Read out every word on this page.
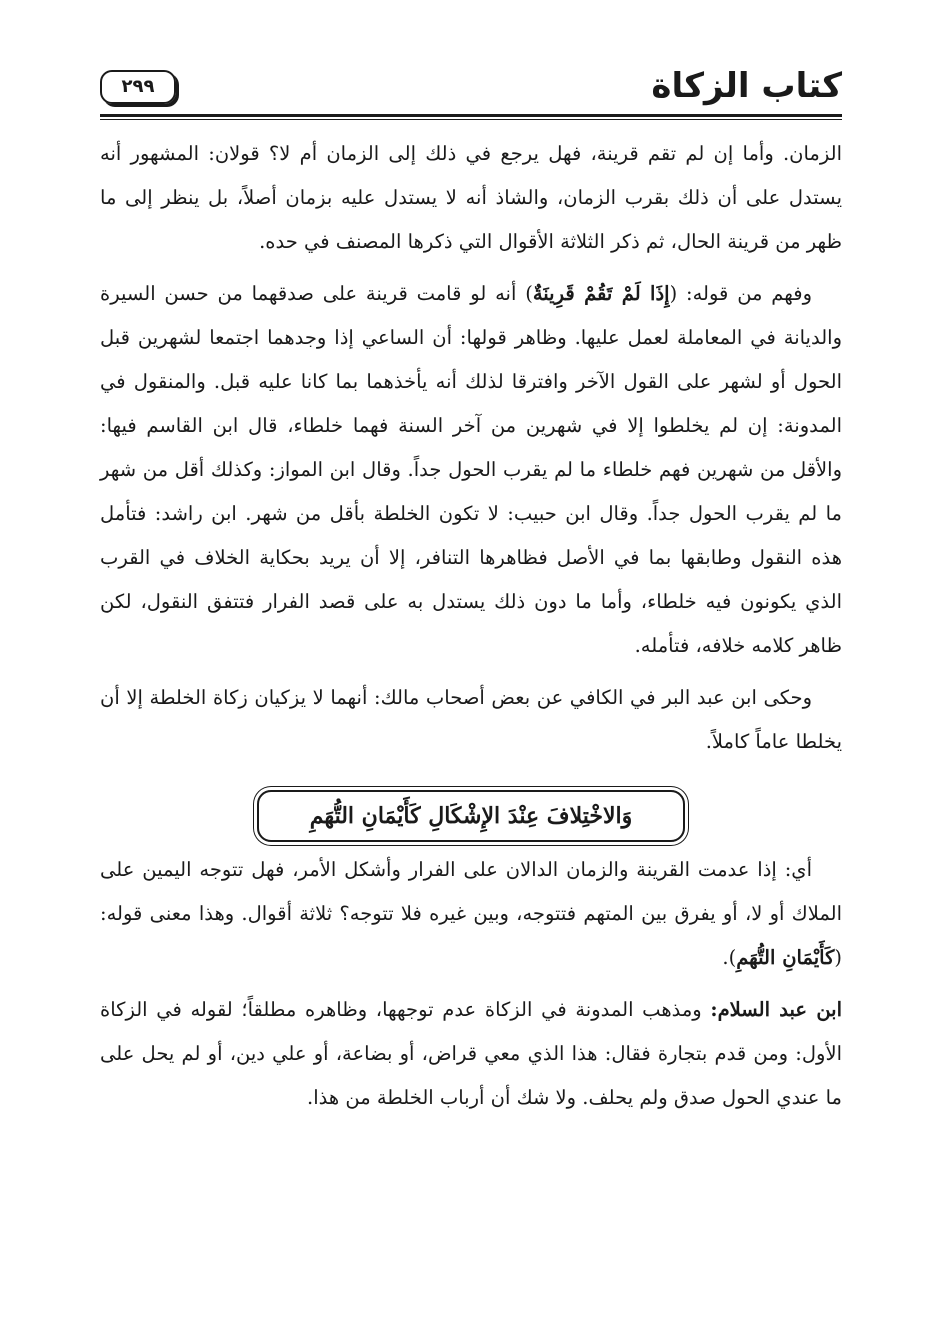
كتاب الزكاة
٢٩٩

الزمان. وأما إن لم تقم قرينة، فهل يرجع في ذلك إلى الزمان أم لا؟ قولان: المشهور أنه يستدل على أن ذلك بقرب الزمان، والشاذ أنه لا يستدل عليه بزمان أصلاً، بل ينظر إلى ما ظهر من قرينة الحال، ثم ذكر الثلاثة الأقوال التي ذكرها المصنف في حده.

وفهم من قوله: (إِذَا لَمْ تَقُمْ قَرِينَةٌ) أنه لو قامت قرينة على صدقهما من حسن السيرة والديانة في المعاملة لعمل عليها. وظاهر قولها: أن الساعي إذا وجدهما اجتمعا لشهرين قبل الحول أو لشهر على القول الآخر وافترقا لذلك أنه يأخذهما بما كانا عليه قبل. والمنقول في المدونة: إن لم يخلطوا إلا في شهرين من آخر السنة فهما خلطاء، قال ابن القاسم فيها: والأقل من شهرين فهم خلطاء ما لم يقرب الحول جداً. وقال ابن المواز: وكذلك أقل من شهر ما لم يقرب الحول جداً. وقال ابن حبيب: لا تكون الخلطة بأقل من شهر. ابن راشد: فتأمل هذه النقول وطابقها بما في الأصل فظاهرها التنافر، إلا أن يريد بحكاية الخلاف في القرب الذي يكونون فيه خلطاء، وأما ما دون ذلك يستدل به على قصد الفرار فتتفق النقول، لكن ظاهر كلامه خلافه، فتأمله.

وحكى ابن عبد البر في الكافي عن بعض أصحاب مالك: أنهما لا يزكيان زكاة الخلطة إلا أن يخلطا عاماً كاملاً.

وَالاخْتِلافَ عِنْدَ الإِشْكَالِ كَأَيْمَانِ التُّهَمِ

أي: إذا عدمت القرينة والزمان الدالان على الفرار وأشكل الأمر، فهل تتوجه اليمين على الملاك أو لا، أو يفرق بين المتهم فتتوجه، وبين غيره فلا تتوجه؟ ثلاثة أقوال. وهذا معنى قوله: (كَأَيْمَانِ التُّهَمِ).

ابن عبد السلام: ومذهب المدونة في الزكاة عدم توجهها، وظاهره مطلقاً؛ لقوله في الزكاة الأول: ومن قدم بتجارة فقال: هذا الذي معي قراض، أو بضاعة، أو علي دين، أو لم يحل على ما عندي الحول صدق ولم يحلف. ولا شك أن أرباب الخلطة من هذا.
